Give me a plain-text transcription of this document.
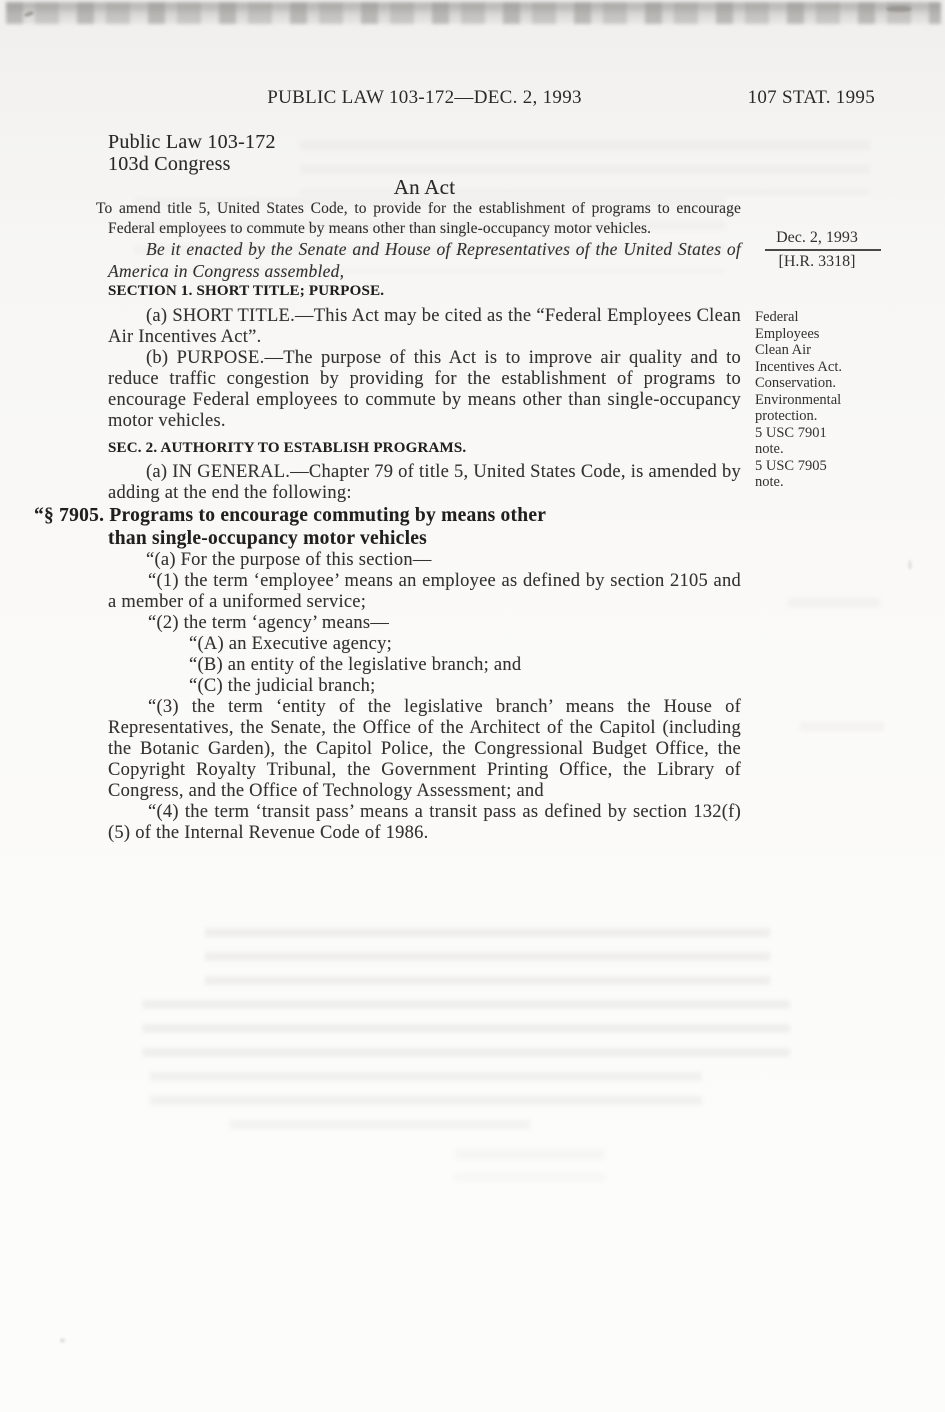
PUBLIC LAW 103-172—DEC. 2, 1993	107 STAT. 1995
Dec. 2, 1993
[H.R. 3318]
Federal Employees Clean Air Incentives Act.
Conservation.
Environmental protection.
5 USC 7901 note.
5 USC 7905 note.
Public Law 103-172
103d Congress
An Act

To amend title 5, United States Code, to provide for the establishment of programs to encourage Federal employees to commute by means other than single-occupancy motor vehicles.

Be it enacted by the Senate and House of Representatives of the United States of America in Congress assembled,

SECTION 1. SHORT TITLE; PURPOSE.

(a) SHORT TITLE.—This Act may be cited as the “Federal Employees Clean Air Incentives Act”.

(b) PURPOSE.—The purpose of this Act is to improve air quality and to reduce traffic congestion by providing for the establishment of programs to encourage Federal employees to commute by means other than single-occupancy motor vehicles.

SEC. 2. AUTHORITY TO ESTABLISH PROGRAMS.

(a) IN GENERAL.—Chapter 79 of title 5, United States Code, is amended by adding at the end the following:

“§ 7905. Programs to encourage commuting by means other
than single-occupancy motor vehicles

“(a) For the purpose of this section—

“(1) the term ‘employee’ means an employee as defined by section 2105 and a member of a uniformed service;

“(2) the term ‘agency’ means—

“(A) an Executive agency;

“(B) an entity of the legislative branch; and

“(C) the judicial branch;

“(3) the term ‘entity of the legislative branch’ means the House of Representatives, the Senate, the Office of the Architect of the Capitol (including the Botanic Garden), the Capitol Police, the Congressional Budget Office, the Copyright Royalty Tribunal, the Government Printing Office, the Library of Congress, and the Office of Technology Assessment; and

“(4) the term ‘transit pass’ means a transit pass as defined by section 132(f)(5) of the Internal Revenue Code of 1986.
